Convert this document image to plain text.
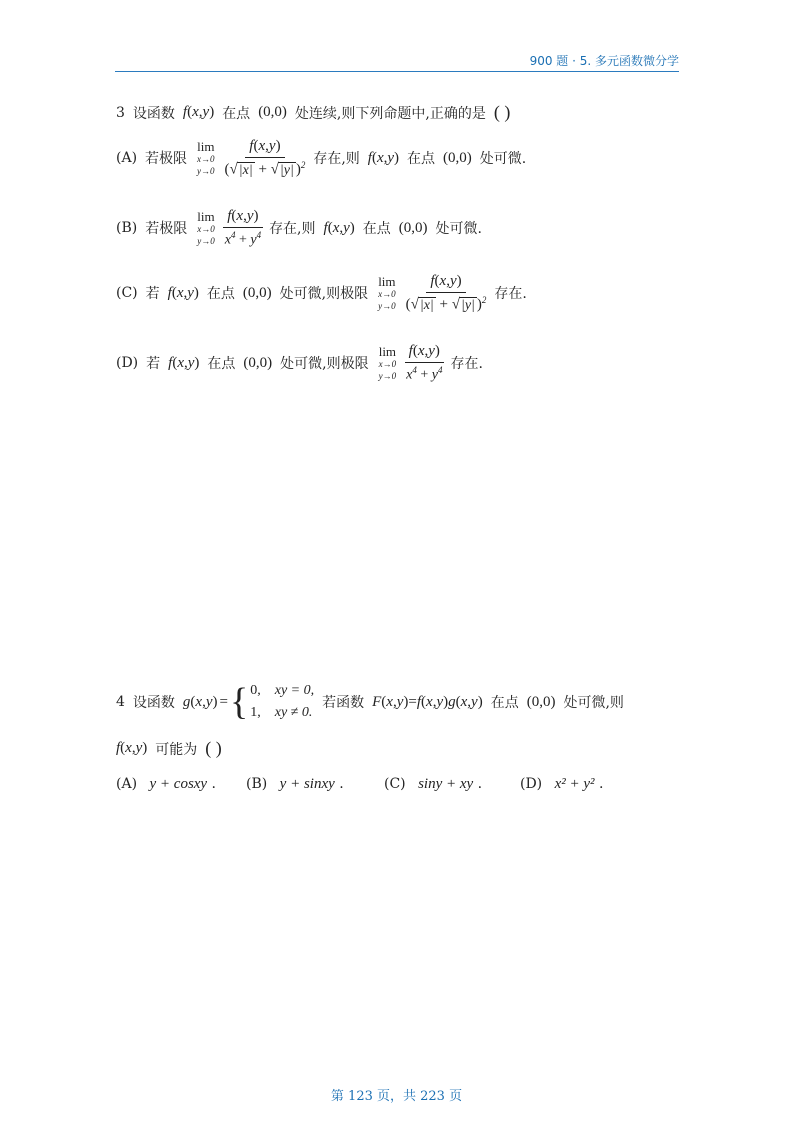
900 题 · 5. 多元函数微分学
3 设函数 f ( x , y ) 在点 (0,0) 处连续,则下列命题中,正确的是 ( )
(A) 若极限
lim
x→0
$y\to 0 \frac{f(x,y)}{(√|x| + √|y| )^2}$ 存在,则 f ( x , y ) 在点 (0,0) 处可微.
(B) 若极限
lim
x→0
$y\to 0 \frac{f(x,y)}{x^4 + y^4}$ 存在,则 f ( x , y ) 在点 (0,0) 处可微.
(C) 若 f ( x , y ) 在点 (0,0) 处可微,则极限
lim
x→0
$y\to 0 \frac{f(x,y)}{(√|x| + √|y| )^2}$ 存在.
(D) 若 f ( x , y ) 在点 (0,0) 处可微,则极限
lim
x→0
$y\to 0 \frac{f(x,y)}{x^4 + y^4}$ 存在.
4 设函数 g ( x , y ) = { 0, xy = 0,
1, xy ≠ 0.
若函数 F ( x , y ) = f ( x , y ) g ( x , y ) 在点 (0,0) 处可微,则
f ( x , y ) 可能为 ( )
(A) y + cosxy .	(B) y + sinxy .	(C) siny + xy .	(D) x² + y² .
第 123 页，共 223 页
